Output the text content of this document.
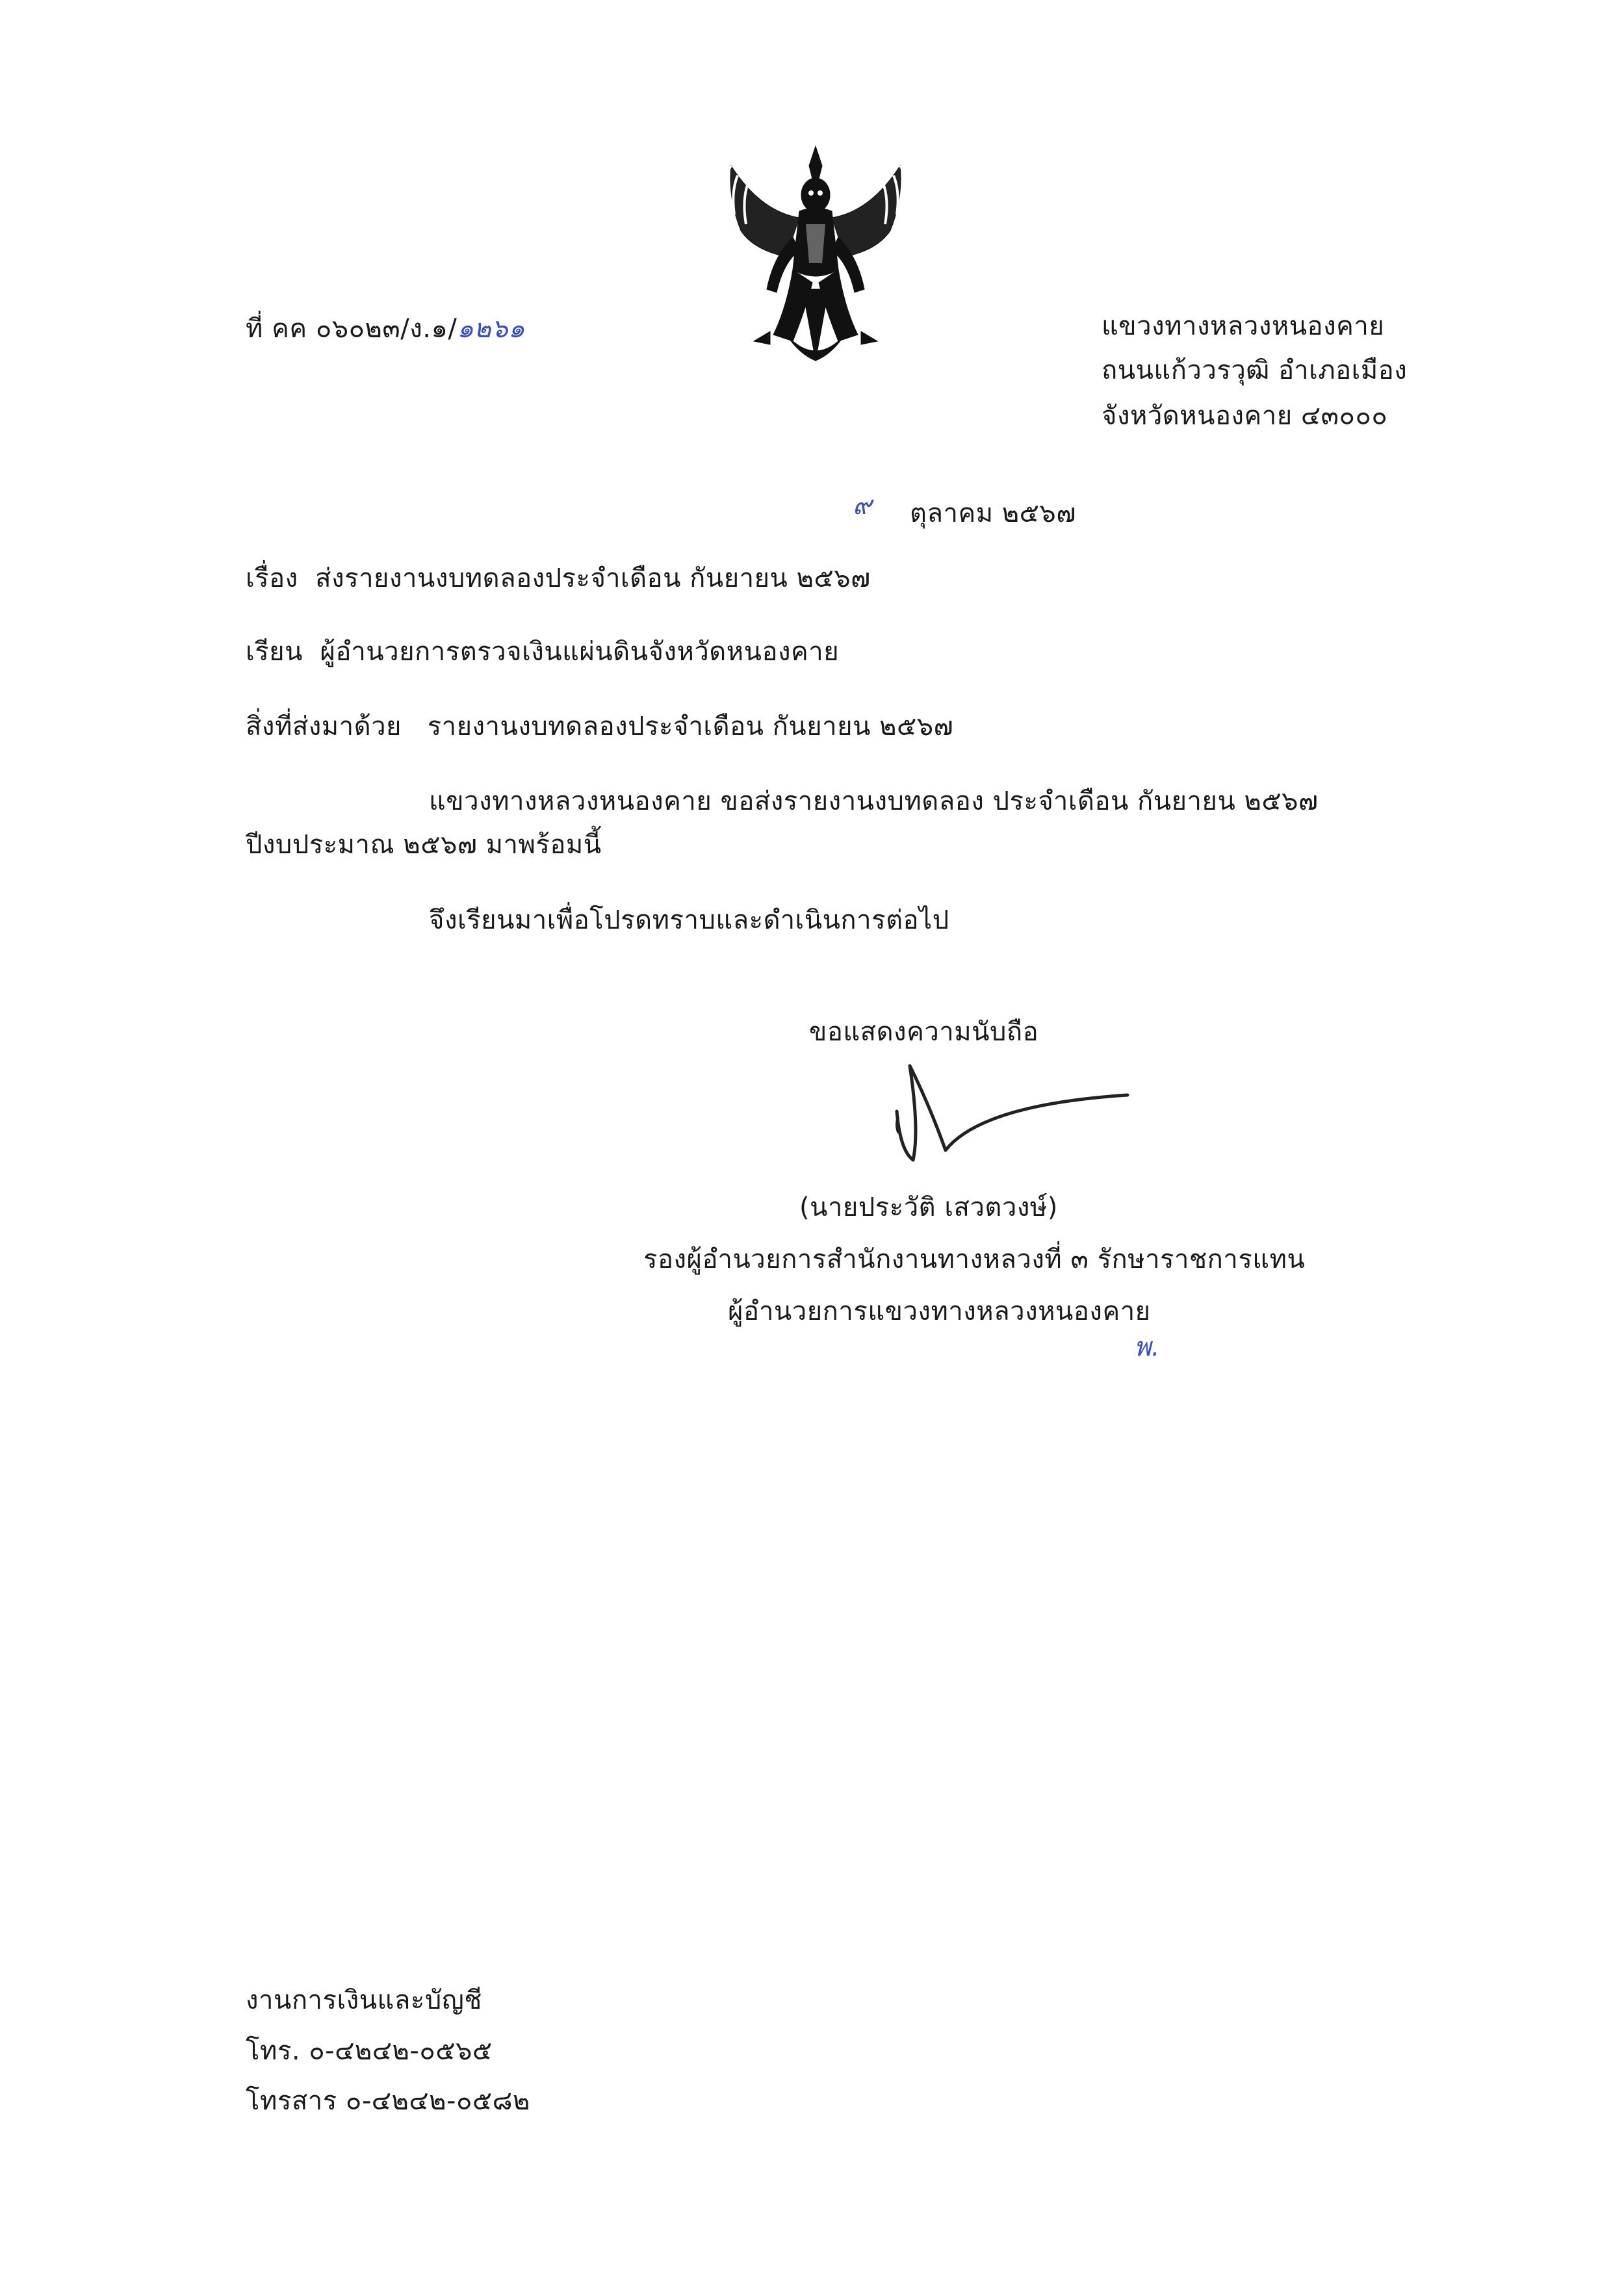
ที่ คค ๐๖๐๒๓/ง.๑/๑๒๖๑	แขวงทางหลวงหนองคาย
ถนนแก้ววรวุฒิ อำเภอเมือง
จังหวัดหนองคาย ๔๓๐๐๐
๙ ตุลาคม ๒๕๖๗
เรื่อง ส่งรายงานงบทดลองประจำเดือน กันยายน ๒๕๖๗
เรียน ผู้อำนวยการตรวจเงินแผ่นดินจังหวัดหนองคาย
สิ่งที่ส่งมาด้วย รายงานงบทดลองประจำเดือน กันยายน ๒๕๖๗
แขวงทางหลวงหนองคาย ขอส่งรายงานงบทดลอง ประจำเดือน กันยายน ๒๕๖๗
ปีงบประมาณ ๒๕๖๗ มาพร้อมนี้
จึงเรียนมาเพื่อโปรดทราบและดำเนินการต่อไป
ขอแสดงความนับถือ
(นายประวัติ เสวตวงษ์)
รองผู้อำนวยการสำนักงานทางหลวงที่ ๓ รักษาราชการแทน
ผู้อำนวยการแขวงทางหลวงหนองคาย
พ.
งานการเงินและบัญชี
โทร. ๐-๔๒๔๒-๐๕๖๕
โทรสาร ๐-๔๒๔๒-๐๕๘๒
